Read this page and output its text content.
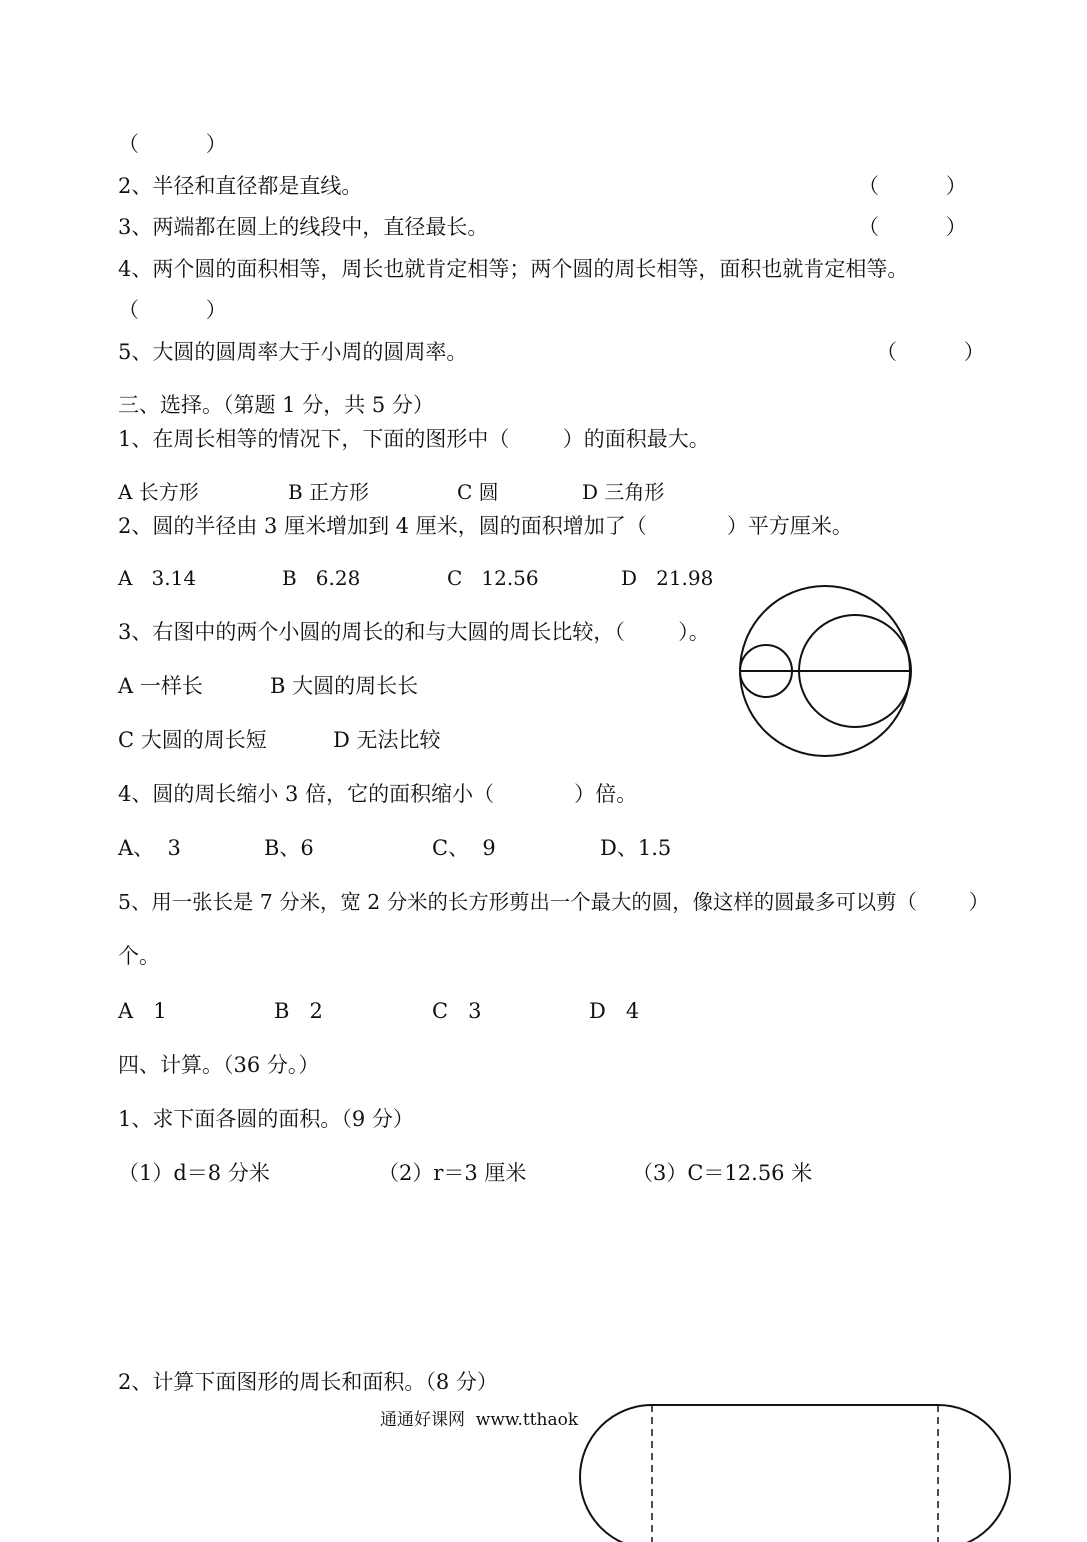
（          ）
2、半径和直径都是直线。	（          ）
3、两端都在圆上的线段中，直径最长。	（          ）
4、两个圆的面积相等，周长也就肯定相等；两个圆的周长相等，面积也就肯定相等。
（          ）
5、大圆的圆周率大于小周的圆周率。	（          ）
三、选择。（第题 1 分，共 5 分）
1、在周长相等的情况下，下面的图形中（        ）的面积最大。
A 长方形	B 正方形	C 圆	D 三角形
2、圆的半径由 3 厘米增加到 4 厘米，圆的面积增加了（            ）平方厘米。
A   3.14	B   6.28	C   12.56	D   21.98
3、右图中的两个小圆的周长的和与大圆的周长比较，（        ）。
A 一样长	B 大圆的周长长
C 大圆的周长短	D 无法比较
4、圆的周长缩小 3 倍，它的面积缩小（            ）倍。
A、  3	B、6	C、  9	D、1.5
5、用一张长是 7 分米，宽 2 分米的长方形剪出一个最大的圆，像这样的圆最多可以剪（        ）
个。
A   1	B   2	C   3	D   4
四、计算。（36 分。）
1、求下面各圆的面积。（9 分）
（1）d＝8 分米	（2）r＝3 厘米	（3）C＝12.56 米
2、计算下面图形的周长和面积。（8 分）
通通好课网  www.tthaok
